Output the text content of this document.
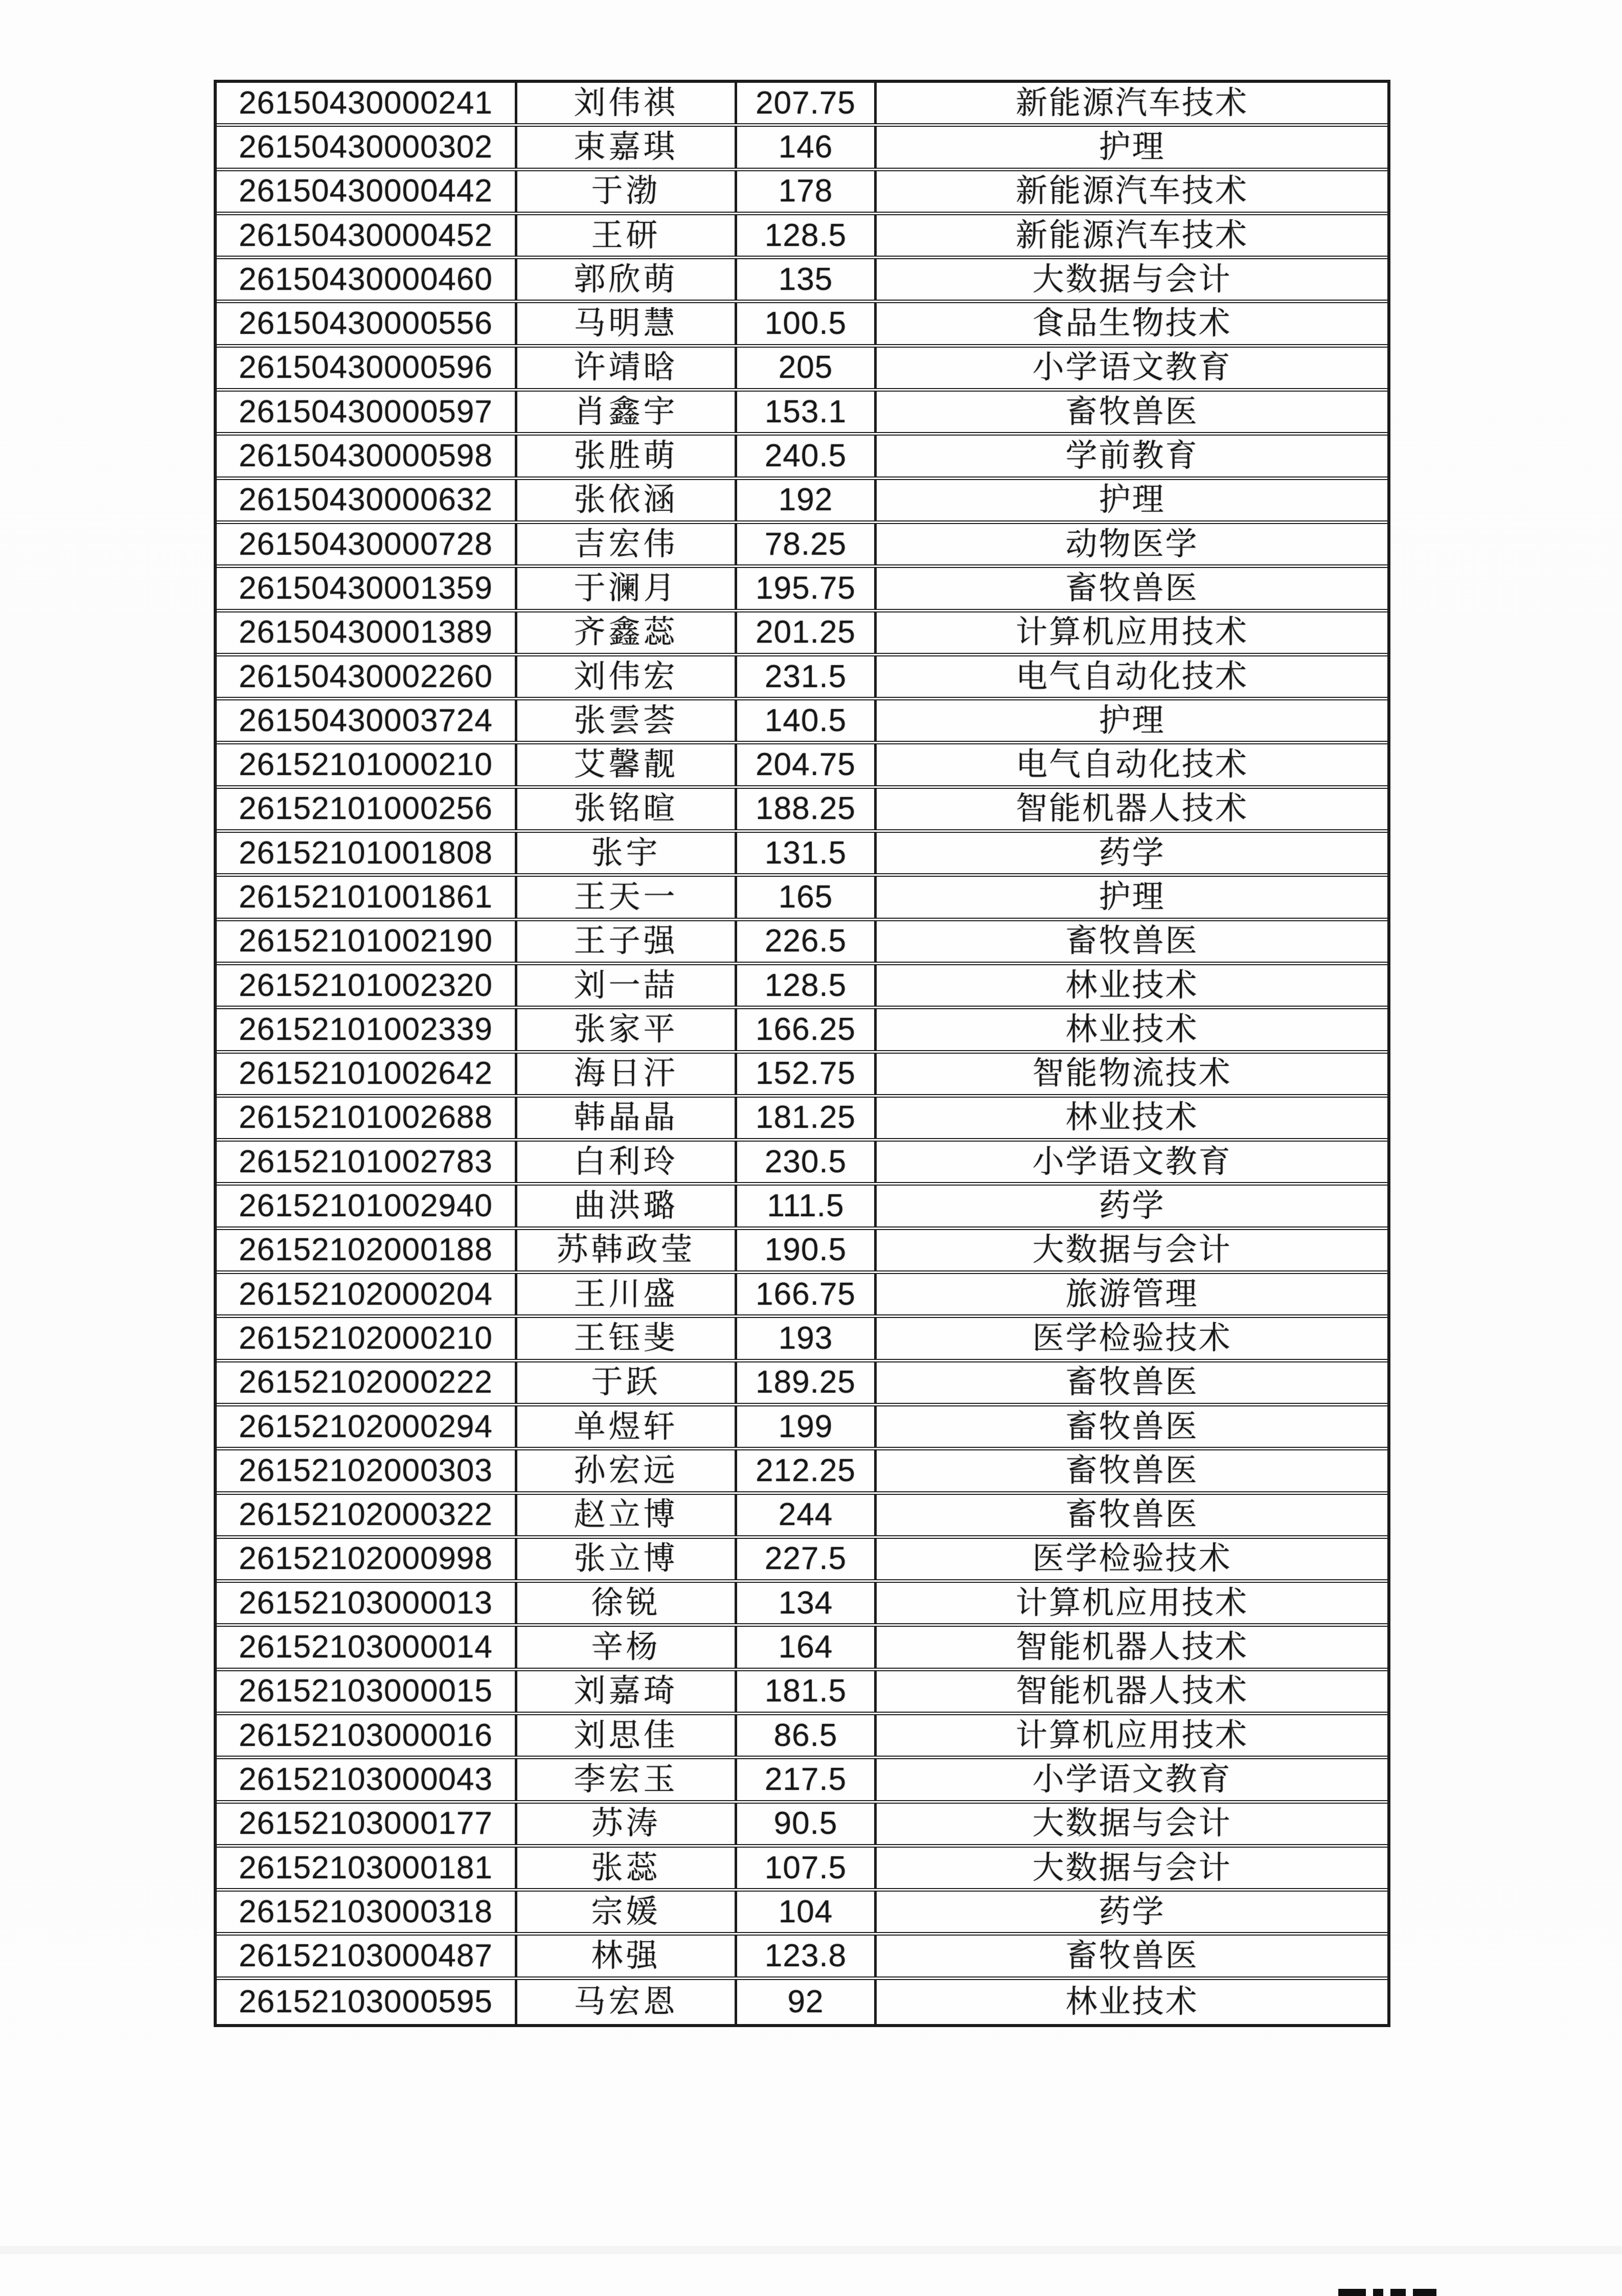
26150430000241	刘伟祺	207.75	新能源汽车技术
26150430000302	束嘉琪	146	护理
26150430000442	于渤	178	新能源汽车技术
26150430000452	王研	128.5	新能源汽车技术
26150430000460	郭欣萌	135	大数据与会计
26150430000556	马明慧	100.5	食品生物技术
26150430000596	许靖晗	205	小学语文教育
26150430000597	肖鑫宇	153.1	畜牧兽医
26150430000598	张胜萌	240.5	学前教育
26150430000632	张依涵	192	护理
26150430000728	吉宏伟	78.25	动物医学
26150430001359	于澜月	195.75	畜牧兽医
26150430001389	齐鑫蕊	201.25	计算机应用技术
26150430002260	刘伟宏	231.5	电气自动化技术
26150430003724	张雲荟	140.5	护理
26152101000210	艾馨靓	204.75	电气自动化技术
26152101000256	张铭暄	188.25	智能机器人技术
26152101001808	张宇	131.5	药学
26152101001861	王天一	165	护理
26152101002190	王子强	226.5	畜牧兽医
26152101002320	刘一喆	128.5	林业技术
26152101002339	张家平	166.25	林业技术
26152101002642	海日汗	152.75	智能物流技术
26152101002688	韩晶晶	181.25	林业技术
26152101002783	白利玲	230.5	小学语文教育
26152101002940	曲洪璐	111.5	药学
26152102000188	苏韩政莹	190.5	大数据与会计
26152102000204	王川盛	166.75	旅游管理
26152102000210	王钰斐	193	医学检验技术
26152102000222	于跃	189.25	畜牧兽医
26152102000294	单煜轩	199	畜牧兽医
26152102000303	孙宏远	212.25	畜牧兽医
26152102000322	赵立博	244	畜牧兽医
26152102000998	张立博	227.5	医学检验技术
26152103000013	徐锐	134	计算机应用技术
26152103000014	辛杨	164	智能机器人技术
26152103000015	刘嘉琦	181.5	智能机器人技术
26152103000016	刘思佳	86.5	计算机应用技术
26152103000043	李宏玉	217.5	小学语文教育
26152103000177	苏涛	90.5	大数据与会计
26152103000181	张蕊	107.5	大数据与会计
26152103000318	宗媛	104	药学
26152103000487	林强	123.8	畜牧兽医
26152103000595	马宏恩	92	林业技术
